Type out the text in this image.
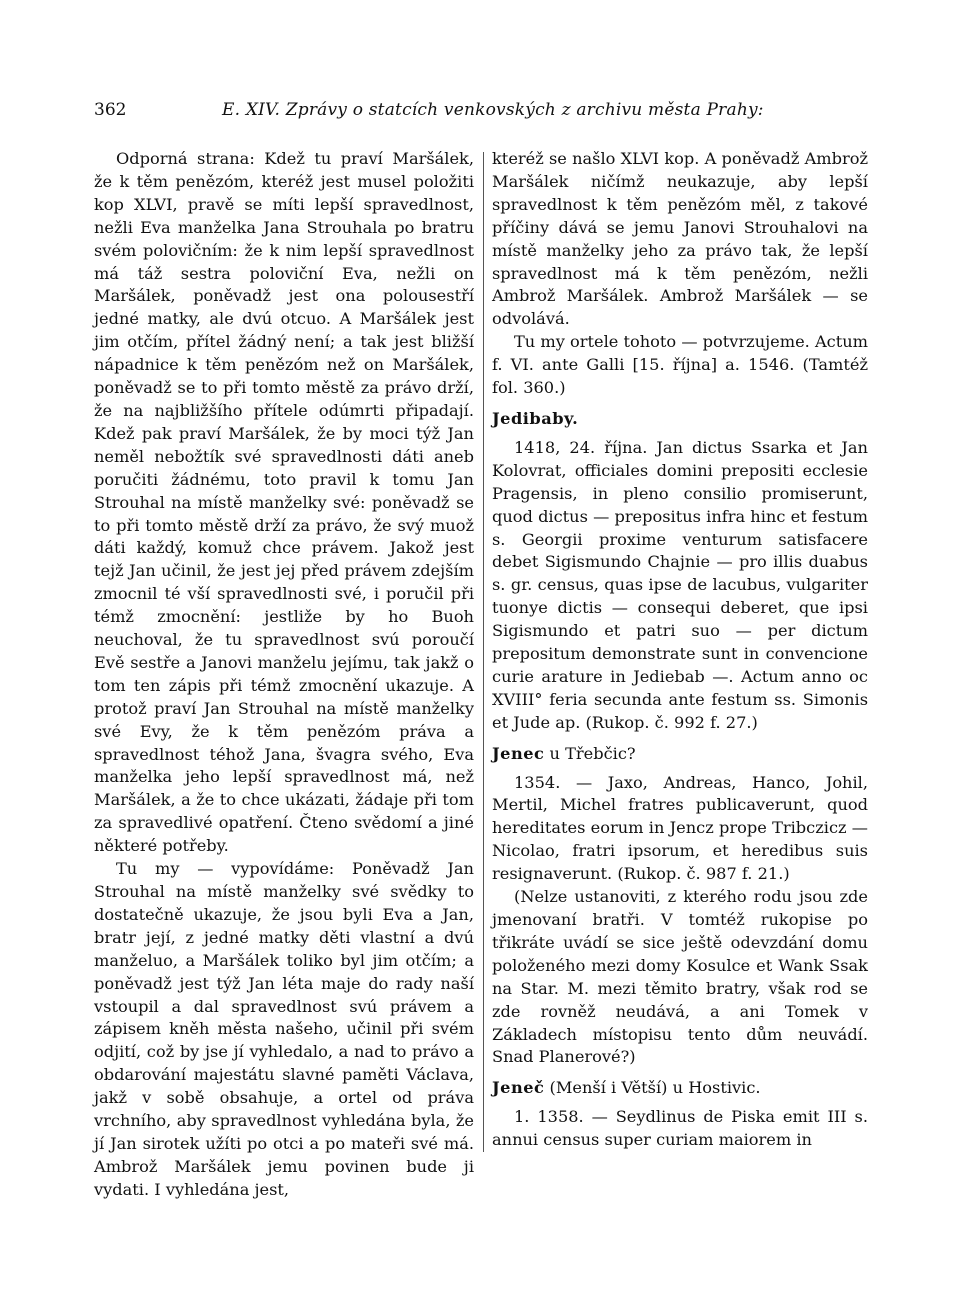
362	E. XIV. Zprávy o statcích venkovských z archivu města Prahy:

Odporná strana: Kdež tu praví Maršálek, že k těm penězóm, kteréž jest musel položiti kop XLVI, pravě se míti lepší spravedlnost, nežli Eva manželka Jana Strouhala po bratru svém polovičním: že k nim lepší spravedlnost má táž sestra poloviční Eva, nežli on Maršálek, poněvadž jest ona polousestří jedné matky, ale dvú otcuo. A Maršálek jest jim otčím, přítel žádný není; a tak jest bližší nápadnice k těm penězóm než on Maršálek, poněvadž se to při tomto městě za právo drží, že na najbližšího přítele odúmrti připadají. Kdež pak praví Maršálek, že by moci týž Jan neměl nebožtík své spravedlnosti dáti aneb poručiti žádnému, toto pravil k tomu Jan Strouhal na místě manželky své: poněvadž se to při tomto městě drží za právo, že svý muož dáti každý, komuž chce právem. Jakož jest tejž Jan učinil, že jest jej před právem zdejším zmocnil té vší spravedlnosti své, i poručil při témž zmocnění: jestliže by ho Buoh neuchoval, že tu spravedlnost svú poroučí Evě sestře a Janovi manželu jejímu, tak jakž o tom ten zápis při témž zmocnění ukazuje. A protož praví Jan Strouhal na místě manželky své Evy, že k těm penězóm práva a spravedlnost téhož Jana, švagra svého, Eva manželka jeho lepší spravedlnost má, než Maršálek, a že to chce ukázati, žádaje při tom za spravedlivé opatření. Čteno svědomí a jiné některé potřeby.

Tu my — vypovídáme: Poněvadž Jan Strouhal na místě manželky své svědky to dostatečně ukazuje, že jsou byli Eva a Jan, bratr její, z jedné matky děti vlastní a dvú manželuo, a Maršálek toliko byl jim otčím; a poněvadž jest týž Jan léta maje do rady naší vstoupil a dal spravedlnost svú právem a zápisem kněh města našeho, učinil při svém odjití, což by jse jí vyhledalo, a nad to právo a obdarování majestátu slavné paměti Václava, jakž v sobě obsahuje, a ortel od práva vrchního, aby spravedlnost vyhledána byla, že jí Jan sirotek užíti po otci a po mateři své má. Ambrož Maršálek jemu povinen bude ji vydati. I vyhledána jest,

kteréž se našlo XLVI kop. A poněvadž Ambrož Maršálek ničímž neukazuje, aby lepší spravedlnost k těm penězóm měl, z takové příčiny dává se jemu Janovi Strouhalovi na místě manželky jeho za právo tak, že lepší spravedlnost má k těm penězóm, nežli Ambrož Maršálek. Ambrož Maršálek — se odvolává.

Tu my ortele tohoto — potvrzujeme. Actum f. VI. ante Galli [15. října] a. 1546. (Tamtéž fol. 360.)

Jedibaby.

1418, 24. října. Jan dictus Ssarka et Jan Kolovrat, officiales domini prepositi ecclesie Pragensis, in pleno consilio promiserunt, quod dictus — prepositus infra hinc et festum s. Georgii proxime venturum satisfacere debet Sigismundo Chajnie — pro illis duabus s. gr. census, quas ipse de lacubus, vulgariter tuonye dictis — consequi deberet, que ipsi Sigismundo et patri suo — per dictum prepositum demonstrate sunt in convencione curie arature in Jediebab —. Actum anno oc XVIII° feria secunda ante festum ss. Simonis et Jude ap. (Rukop. č. 992 f. 27.)

Jenec u Třebčic?

1354. — Jaxo, Andreas, Hanco, Johil, Mertil, Michel fratres publicaverunt, quod hereditates eorum in Jencz prope Tribczicz — Nicolao, fratri ipsorum, et heredibus suis resignaverunt. (Rukop. č. 987 f. 21.)

(Nelze ustanoviti, z kterého rodu jsou zde jmenovaní bratři. V tomtéž rukopise po třikráte uvádí se sice ještě odevzdání domu položeného mezi domy Kosulce et Wank Ssak na Star. M. mezi těmito bratry, však rod se zde rovněž neudává, a ani Tomek v Základech místopisu tento dům neuvádí. Snad Planerové?)

Jeneč (Menší i Větší) u Hostivic.

1. 1358. — Seydlinus de Piska emit III s. annui census super curiam maiorem in
